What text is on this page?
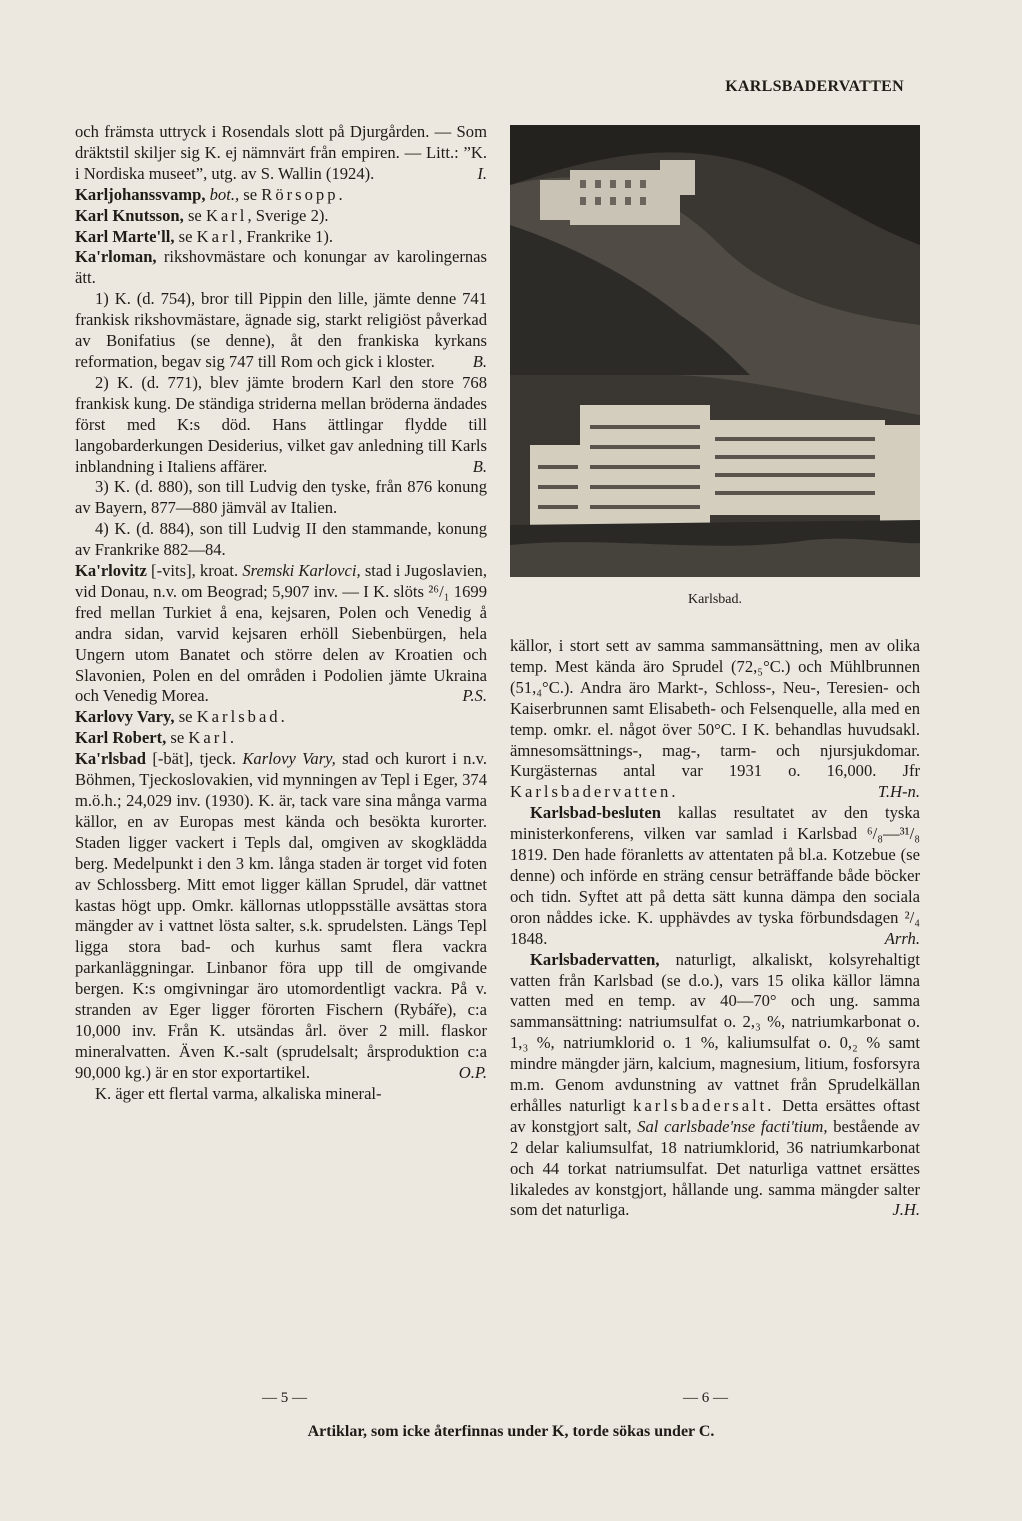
KARLSBADERVATTEN

och främsta uttryck i Rosendals slott på Djurgården. — Som dräktstil skiljer sig K. ej nämnvärt från empiren. — Litt.: ”K. i Nordiska museet”, utg. av S. Wallin (1924).	I.

Karljohanssvamp, bot., se Rörsopp.

Karl Knutsson, se Karl, Sverige 2).

Karl Marte'll, se Karl, Frankrike 1).

Ka'rloman, rikshovmästare och konungar av karolingernas ätt.

1) K. (d. 754), bror till Pippin den lille, jämte denne 741 frankisk rikshovmästare, ägnade sig, starkt religiöst påverkad av Bonifatius (se denne), åt den frankiska kyrkans reformation, begav sig 747 till Rom och gick i kloster.	B.

2) K. (d. 771), blev jämte brodern Karl den store 768 frankisk kung. De ständiga striderna mellan bröderna ändades först med K:s död. Hans ättlingar flydde till langobarderkungen Desiderius, vilket gav anledning till Karls inblandning i Italiens affärer.	B.

3) K. (d. 880), son till Ludvig den tyske, från 876 konung av Bayern, 877—880 jämväl av Italien.

4) K. (d. 884), son till Ludvig II den stammande, konung av Frankrike 882—84.

Ka'rlovitz [-vits], kroat. Sremski Karlovci, stad i Jugoslavien, vid Donau, n.v. om Beograd; 5,907 inv. — I K. slöts ²⁶/₁ 1699 fred mellan Turkiet å ena, kejsaren, Polen och Venedig å andra sidan, varvid kejsaren erhöll Siebenbürgen, hela Ungern utom Banatet och större delen av Kroatien och Slavonien, Polen en del områden i Podolien jämte Ukraina och Venedig Morea.	P.S.

Karlovy Vary, se Karlsbad.

Karl Robert, se Karl.

Ka'rlsbad [-bät], tjeck. Karlovy Vary, stad och kurort i n.v. Böhmen, Tjeckoslovakien, vid mynningen av Tepl i Eger, 374 m.ö.h.; 24,029 inv. (1930). K. är, tack vare sina många varma källor, en av Europas mest kända och besökta kurorter. Staden ligger vackert i Tepls dal, omgiven av skogklädda berg. Medelpunkt i den 3 km. långa staden är torget vid foten av Schlossberg. Mitt emot ligger källan Sprudel, där vattnet kastas högt upp. Omkr. källornas utloppsställe avsättas stora mängder av i vattnet lösta salter, s.k. sprudelsten. Längs Tepl ligga stora bad- och kurhus samt flera vackra parkanläggningar. Linbanor föra upp till de omgivande bergen. K:s omgivningar äro utomordentligt vackra. På v. stranden av Eger ligger förorten Fischern (Rybáře), c:a 10,000 inv. Från K. utsändas årl. över 2 mill. flaskor mineralvatten. Även K.-salt (sprudelsalt; årsproduktion c:a 90,000 kg.) är en stor exportartikel.	O.P.

K. äger ett flertal varma, alkaliska mineral-

Karlsbad.

källor, i stort sett av samma sammansättning, men av olika temp. Mest kända äro Sprudel (72,₅°C.) och Mühlbrunnen (51,₄°C.). Andra äro Markt-, Schloss-, Neu-, Teresien- och Kaiserbrunnen samt Elisabeth- och Felsenquelle, alla med en temp. omkr. el. något över 50°C. I K. behandlas huvudsakl. ämnesomsättnings-, mag-, tarm- och njursjukdomar. Kurgästernas antal var 1931 o. 16,000. Jfr Karlsbadervatten.	T.H-n.

Karlsbad-besluten kallas resultatet av den tyska ministerkonferens, vilken var samlad i Karlsbad ⁶/₈—³¹/₈ 1819. Den hade föranletts av attentaten på bl.a. Kotzebue (se denne) och införde en sträng censur beträffande både böcker och tidn. Syftet att på detta sätt kunna dämpa den sociala oron nåddes icke. K. upphävdes av tyska förbundsdagen ²/₄ 1848.	Arrh.

Karlsbadervatten, naturligt, alkaliskt, kolsyrehaltigt vatten från Karlsbad (se d.o.), vars 15 olika källor lämna vatten med en temp. av 40—70° och ung. samma sammansättning: natriumsulfat o. 2,₃ %, natriumkarbonat o. 1,₃ %, natriumklorid o. 1 %, kaliumsulfat o. 0,₂ % samt mindre mängder järn, kalcium, magnesium, litium, fosforsyra m.m. Genom avdunstning av vattnet från Sprudelkällan erhålles naturligt karlsbadersalt. Detta ersättes oftast av konstgjort salt, Sal carlsbade'nse facti'tium, bestående av 2 delar kaliumsulfat, 18 natriumklorid, 36 natriumkarbonat och 44 torkat natriumsulfat. Det naturliga vattnet ersättes likaledes av konstgjort, hållande ung. samma mängder salter som det naturliga.	J.H.

— 5 —	— 6 —
Artiklar, som icke återfinnas under K, torde sökas under C.
